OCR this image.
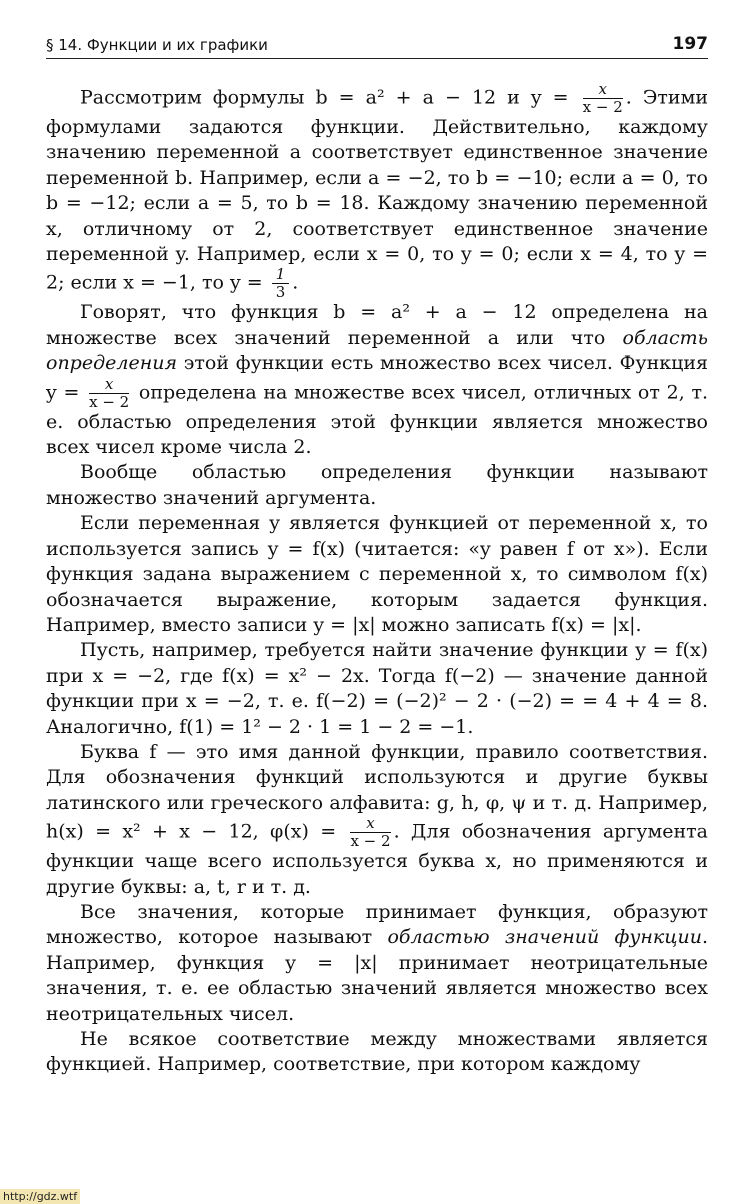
§ 14. Функции и их графики	197

Рассмотрим формулы b = a² + a − 12 и $y = \frac{x}{x - 2}$ . Этими формулами задаются функции. Действительно, каждому значению переменной a соответствует единственное значение переменной b. Например, если a = −2, то b = −10; если a = 0, то b = −12; если a = 5, то b = 18. Каждому значению переменной x, отличному от 2, соответствует единственное значение переменной y. Например, если x = 0, то y = 0; если x = 4, то y = 2; если x = −1, то $y = \frac{1}{3}$ .

Говорят, что функция b = a² + a − 12 определена на множестве всех значений переменной a или что область определения этой функции есть множество всех чисел. Функция $y = \frac{x}{x - 2}$ определена на множестве всех чисел, отличных от 2, т. е. областью определения этой функции является множество всех чисел кроме числа 2.

Вообще областью определения функции называют множество значений аргумента.

Если переменная y является функцией от переменной x, то используется запись y = f(x) (читается: «y равен f от x»). Если функция задана выражением с переменной x, то символом f(x) обозначается выражение, которым задается функция. Например, вместо записи y = |x| можно записать f(x) = |x|.

Пусть, например, требуется найти значение функции y = f(x) при x = −2, где f(x) = x² − 2x. Тогда f(−2) — значение данной функции при x = −2, т. е. f(−2) = (−2)² − 2 · (−2) = = 4 + 4 = 8. Аналогично, f(1) = 1² − 2 · 1 = 1 − 2 = −1.

Буква f — это имя данной функции, правило соответствия. Для обозначения функций используются и другие буквы латинского или греческого алфавита: g, h, φ, ψ и т. д. Например, h(x) = x² + x − 12, $\varphi(x) = \frac{x}{x - 2}$ . Для обозначения аргумента функции чаще всего используется буква x, но применяются и другие буквы: a, t, r и т. д.

Все значения, которые принимает функция, образуют множество, которое называют областью значений функции. Например, функция y = |x| принимает неотрицательные значения, т. е. ее областью значений является множество всех неотрицательных чисел.

Не всякое соответствие между множествами является функцией. Например, соответствие, при котором каждому

http://gdz.wtf
